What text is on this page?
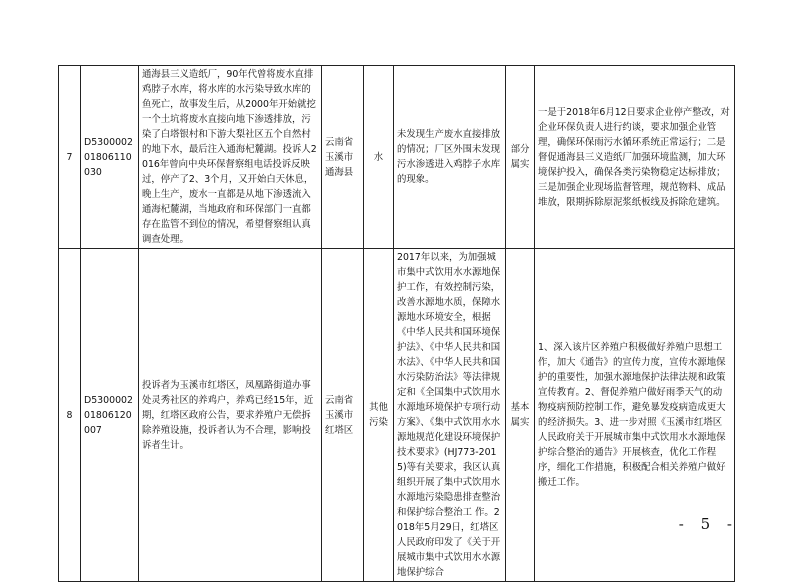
7	D530000201806110030	通海县三义造纸厂，90年代曾将废水直排鸡脖子水库，将水库的水污染导致水库的鱼死亡，故事发生后，从2000年开始就挖一个土坑将废水直接向地下渗透排放，污染了白塔银村和下游大梨社区五个自然村的地下水，最后注入通海杞麓湖。投诉人2016年曾向中央环保督察组电话投诉反映过，停产了2、3个月，又开始白天休息，晚上生产，废水一直都是从地下渗透流入通海杞麓湖，当地政府和环保部门一直都存在监管不到位的情况，希望督察组认真调查处理。	云南省玉溪市通海县	水	未发现生产废水直接排放的情况；厂区外围未发现污水渗透进入鸡脖子水库的现象。	部分属实	一是于2018年6月12日要求企业停产整改，对企业环保负责人进行约谈，要求加强企业管理，确保环保雨污水循环系统正常运行；二是督促通海县三义造纸厂加强环境监测，加大环境保护投入，确保各类污染物稳定达标排放；三是加强企业现场监督管理，规范物料、成品堆放，限期拆除原泥浆纸板线及拆除危建筑。
8	D530000201806120007	投诉者为玉溪市红塔区，凤凰路街道办事处灵秀社区的养鸡户，养鸡已经15年，近期，红塔区政府公告，要求养殖户无偿拆除养殖设施，投诉者认为不合理，影响投诉者生计。	云南省玉溪市红塔区	其他污染	2017年以来，为加强城市集中式饮用水水源地保护工作，有效控制污染，改善水源地水质，保障水源地水环境安全，根据《中华人民共和国环境保护法》、《中华人民共和国水法》、《中华人民共和国水污染防治法》等法律规定和《全国集中式饮用水水源地环境保护专项行动方案》、《集中式饮用水水源地规范化建设环境保护技术要求》(HJ773-2015)等有关要求，我区认真组织开展了集中式饮用水水源地污染隐患排查整治和保护综合整治工 作。2018年5月29日，红塔区人民政府印发了《关于开展城市集中式饮用水水源地保护综合	基本属实	1、深入该片区养殖户积极做好养殖户思想工作，加大《通告》的宣传力度，宣传水源地保护的重要性，加强水源地保护法律法规和政策宣传教育。2、督促养殖户做好雨季天气的动物疫病预防控制工作，避免暴发疫病造成更大的经济损失。3、进一步对照《玉溪市红塔区人民政府关于开展城市集中式饮用水水源地保护综合整治的通告》开展核查，优化工作程序，细化工作措施，积极配合相关养殖户做好搬迁工作。
- 5 -
